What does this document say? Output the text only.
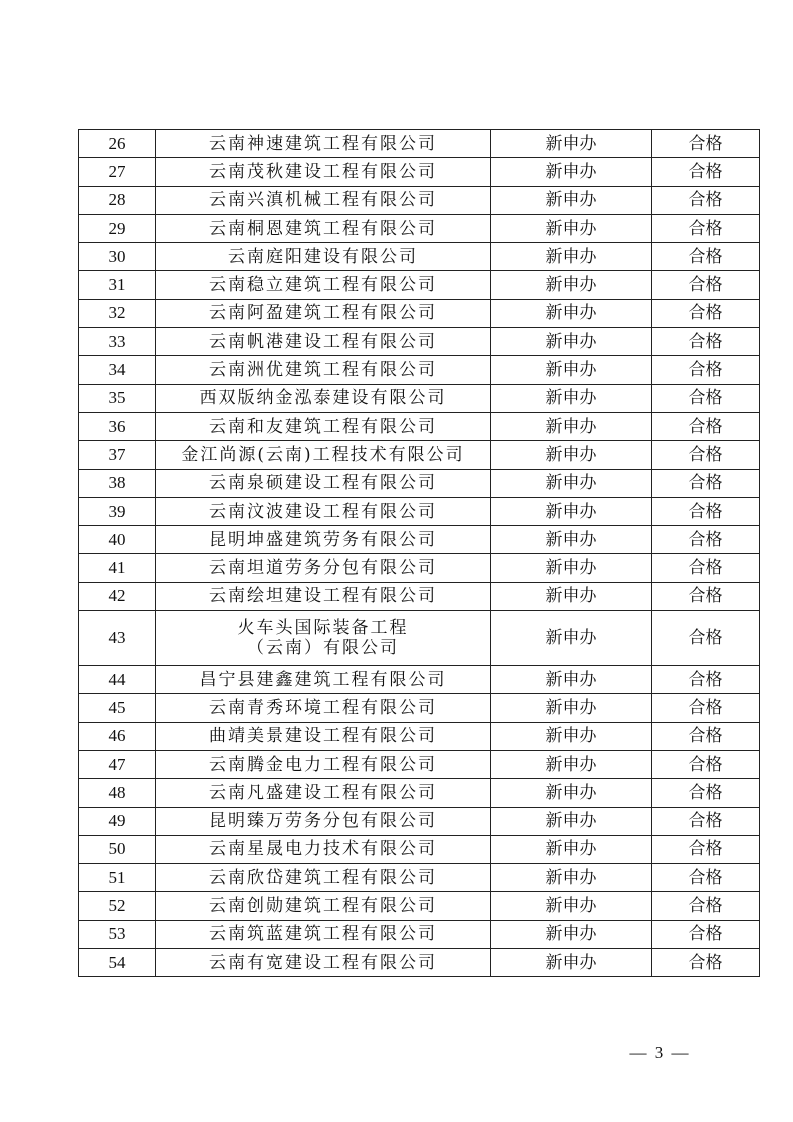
26	云南神速建筑工程有限公司	新申办	合格
27	云南茂秋建设工程有限公司	新申办	合格
28	云南兴滇机械工程有限公司	新申办	合格
29	云南桐恩建筑工程有限公司	新申办	合格
30	云南庭阳建设有限公司	新申办	合格
31	云南稳立建筑工程有限公司	新申办	合格
32	云南阿盈建筑工程有限公司	新申办	合格
33	云南帆港建设工程有限公司	新申办	合格
34	云南洲优建筑工程有限公司	新申办	合格
35	西双版纳金泓泰建设有限公司	新申办	合格
36	云南和友建筑工程有限公司	新申办	合格
37	金江尚源(云南)工程技术有限公司	新申办	合格
38	云南泉硕建设工程有限公司	新申办	合格
39	云南汶波建设工程有限公司	新申办	合格
40	昆明坤盛建筑劳务有限公司	新申办	合格
41	云南坦道劳务分包有限公司	新申办	合格
42	云南绘坦建设工程有限公司	新申办	合格
43	火车头国际装备工程
（云南）有限公司	新申办	合格
44	昌宁县建鑫建筑工程有限公司	新申办	合格
45	云南青秀环境工程有限公司	新申办	合格
46	曲靖美景建设工程有限公司	新申办	合格
47	云南腾金电力工程有限公司	新申办	合格
48	云南凡盛建设工程有限公司	新申办	合格
49	昆明臻万劳务分包有限公司	新申办	合格
50	云南星晟电力技术有限公司	新申办	合格
51	云南欣岱建筑工程有限公司	新申办	合格
52	云南创勋建筑工程有限公司	新申办	合格
53	云南筑蓝建筑工程有限公司	新申办	合格
54	云南有宽建设工程有限公司	新申办	合格
— 3 —
